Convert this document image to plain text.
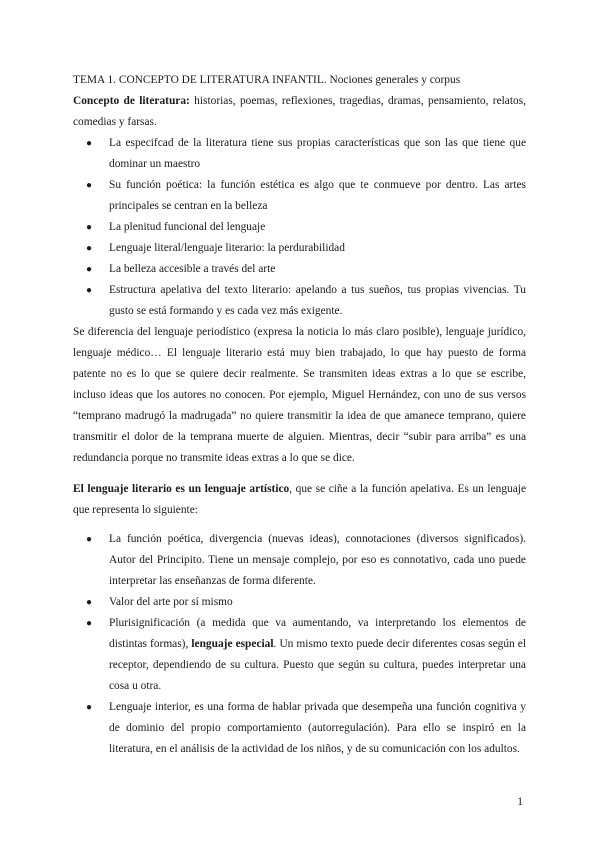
TEMA 1. CONCEPTO DE LITERATURA INFANTIL. Nociones generales y corpus

Concepto de literatura: historias, poemas, reflexiones, tragedias, dramas, pensamiento, relatos, comedias y farsas.

● La especifcad de la literatura tiene sus propias características que son las que tiene que dominar un maestro
● Su función poética: la función estética es algo que te conmueve por dentro. Las artes principales se centran en la belleza
● La plenitud funcional del lenguaje
● Lenguaje literal/lenguaje literario: la perdurabilidad
● La belleza accesible a través del arte
● Estructura apelativa del texto literario: apelando a tus sueños, tus propias vivencias. Tu gusto se está formando y es cada vez más exigente.

Se diferencia del lenguaje periodístico (expresa la noticia lo más claro posible), lenguaje jurídico, lenguaje médico… El lenguaje literario está muy bien trabajado, lo que hay puesto de forma patente no es lo que se quiere decir realmente. Se transmiten ideas extras a lo que se escribe, incluso ideas que los autores no conocen. Por ejemplo, Miguel Hernández, con uno de sus versos “temprano madrugó la madrugada” no quiere transmitir la idea de que amanece temprano, quiere transmitir el dolor de la temprana muerte de alguien. Mientras, decir “subir para arriba” es una redundancia porque no transmite ideas extras a lo que se dice.

El lenguaje literario es un lenguaje artístico, que se ciñe a la función apelativa. Es un lenguaje que representa lo siguiente:

● La función poética, divergencia (nuevas ideas), connotaciones (diversos significados). Autor del Principito. Tiene un mensaje complejo, por eso es connotativo, cada uno puede interpretar las enseñanzas de forma diferente.
● Valor del arte por sí mismo
● Plurisignificación (a medida que va aumentando, va interpretando los elementos de distintas formas), lenguaje especial. Un mismo texto puede decir diferentes cosas según el receptor, dependiendo de su cultura. Puesto que según su cultura, puedes interpretar una cosa u otra.
● Lenguaje interior, es una forma de hablar privada que desempeña una función cognitiva y de dominio del propio comportamiento (autorregulación). Para ello se inspiró en la literatura, en el análisis de la actividad de los niños, y de su comunicación con los adultos.
1
